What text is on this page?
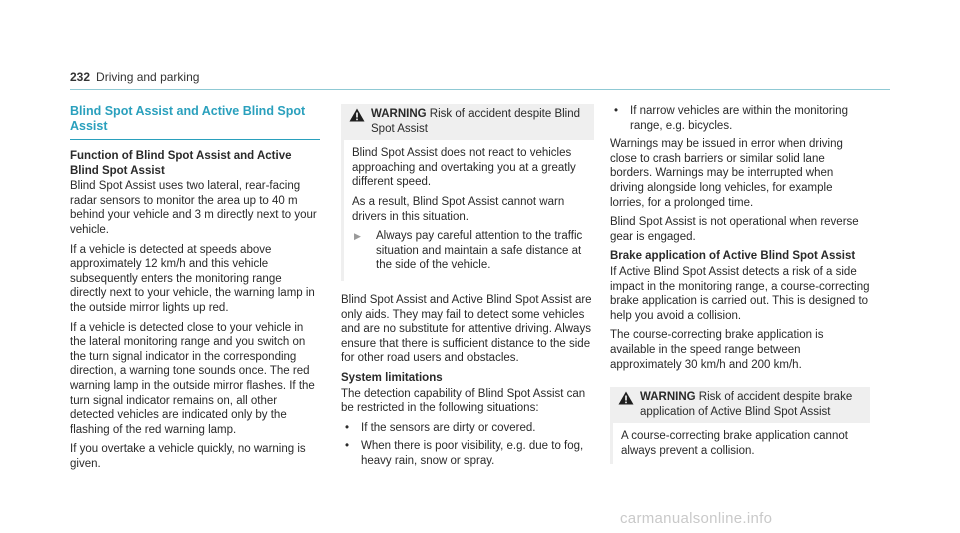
232 Driving and parking
Blind Spot Assist and Active Blind Spot Assist
Function of Blind Spot Assist and Active Blind Spot Assist

Blind Spot Assist uses two lateral, rear-facing radar sensors to monitor the area up to 40 m behind your vehicle and 3 m directly next to your vehicle.

If a vehicle is detected at speeds above approximately 12 km/h and this vehicle subsequently enters the monitoring range directly next to your vehicle, the warning lamp in the outside mirror lights up red.

If a vehicle is detected close to your vehicle in the lateral monitoring range and you switch on the turn signal indicator in the corresponding direction, a warning tone sounds once. The red warning lamp in the outside mirror flashes. If the turn signal indicator remains on, all other detected vehicles are indicated only by the flashing of the red warning lamp.

If you overtake a vehicle quickly, no warning is given.

WARNING Risk of accident despite Blind Spot Assist

Blind Spot Assist does not react to vehicles approaching and overtaking you at a greatly different speed.

As a result, Blind Spot Assist cannot warn drivers in this situation.

▶	Always pay careful attention to the traffic situation and maintain a safe distance at the side of the vehicle.

Blind Spot Assist and Active Blind Spot Assist are only aids. They may fail to detect some vehicles and are no substitute for attentive driving. Always ensure that there is sufficient distance to the side for other road users and obstacles.

System limitations

The detection capability of Blind Spot Assist can be restricted in the following situations:

•	If the sensors are dirty or covered.
•	When there is poor visibility, e.g. due to fog, heavy rain, snow or spray.
•	If narrow vehicles are within the monitoring range, e.g. bicycles.

Warnings may be issued in error when driving close to crash barriers or similar solid lane borders. Warnings may be interrupted when driving alongside long vehicles, for example lorries, for a prolonged time.

Blind Spot Assist is not operational when reverse gear is engaged.

Brake application of Active Blind Spot Assist

If Active Blind Spot Assist detects a risk of a side impact in the monitoring range, a course-correcting brake application is carried out. This is designed to help you avoid a collision.

The course-correcting brake application is available in the speed range between approximately 30 km/h and 200 km/h.

WARNING Risk of accident despite brake application of Active Blind Spot Assist

A course-correcting brake application cannot always prevent a collision.

carmanualsonline.info
